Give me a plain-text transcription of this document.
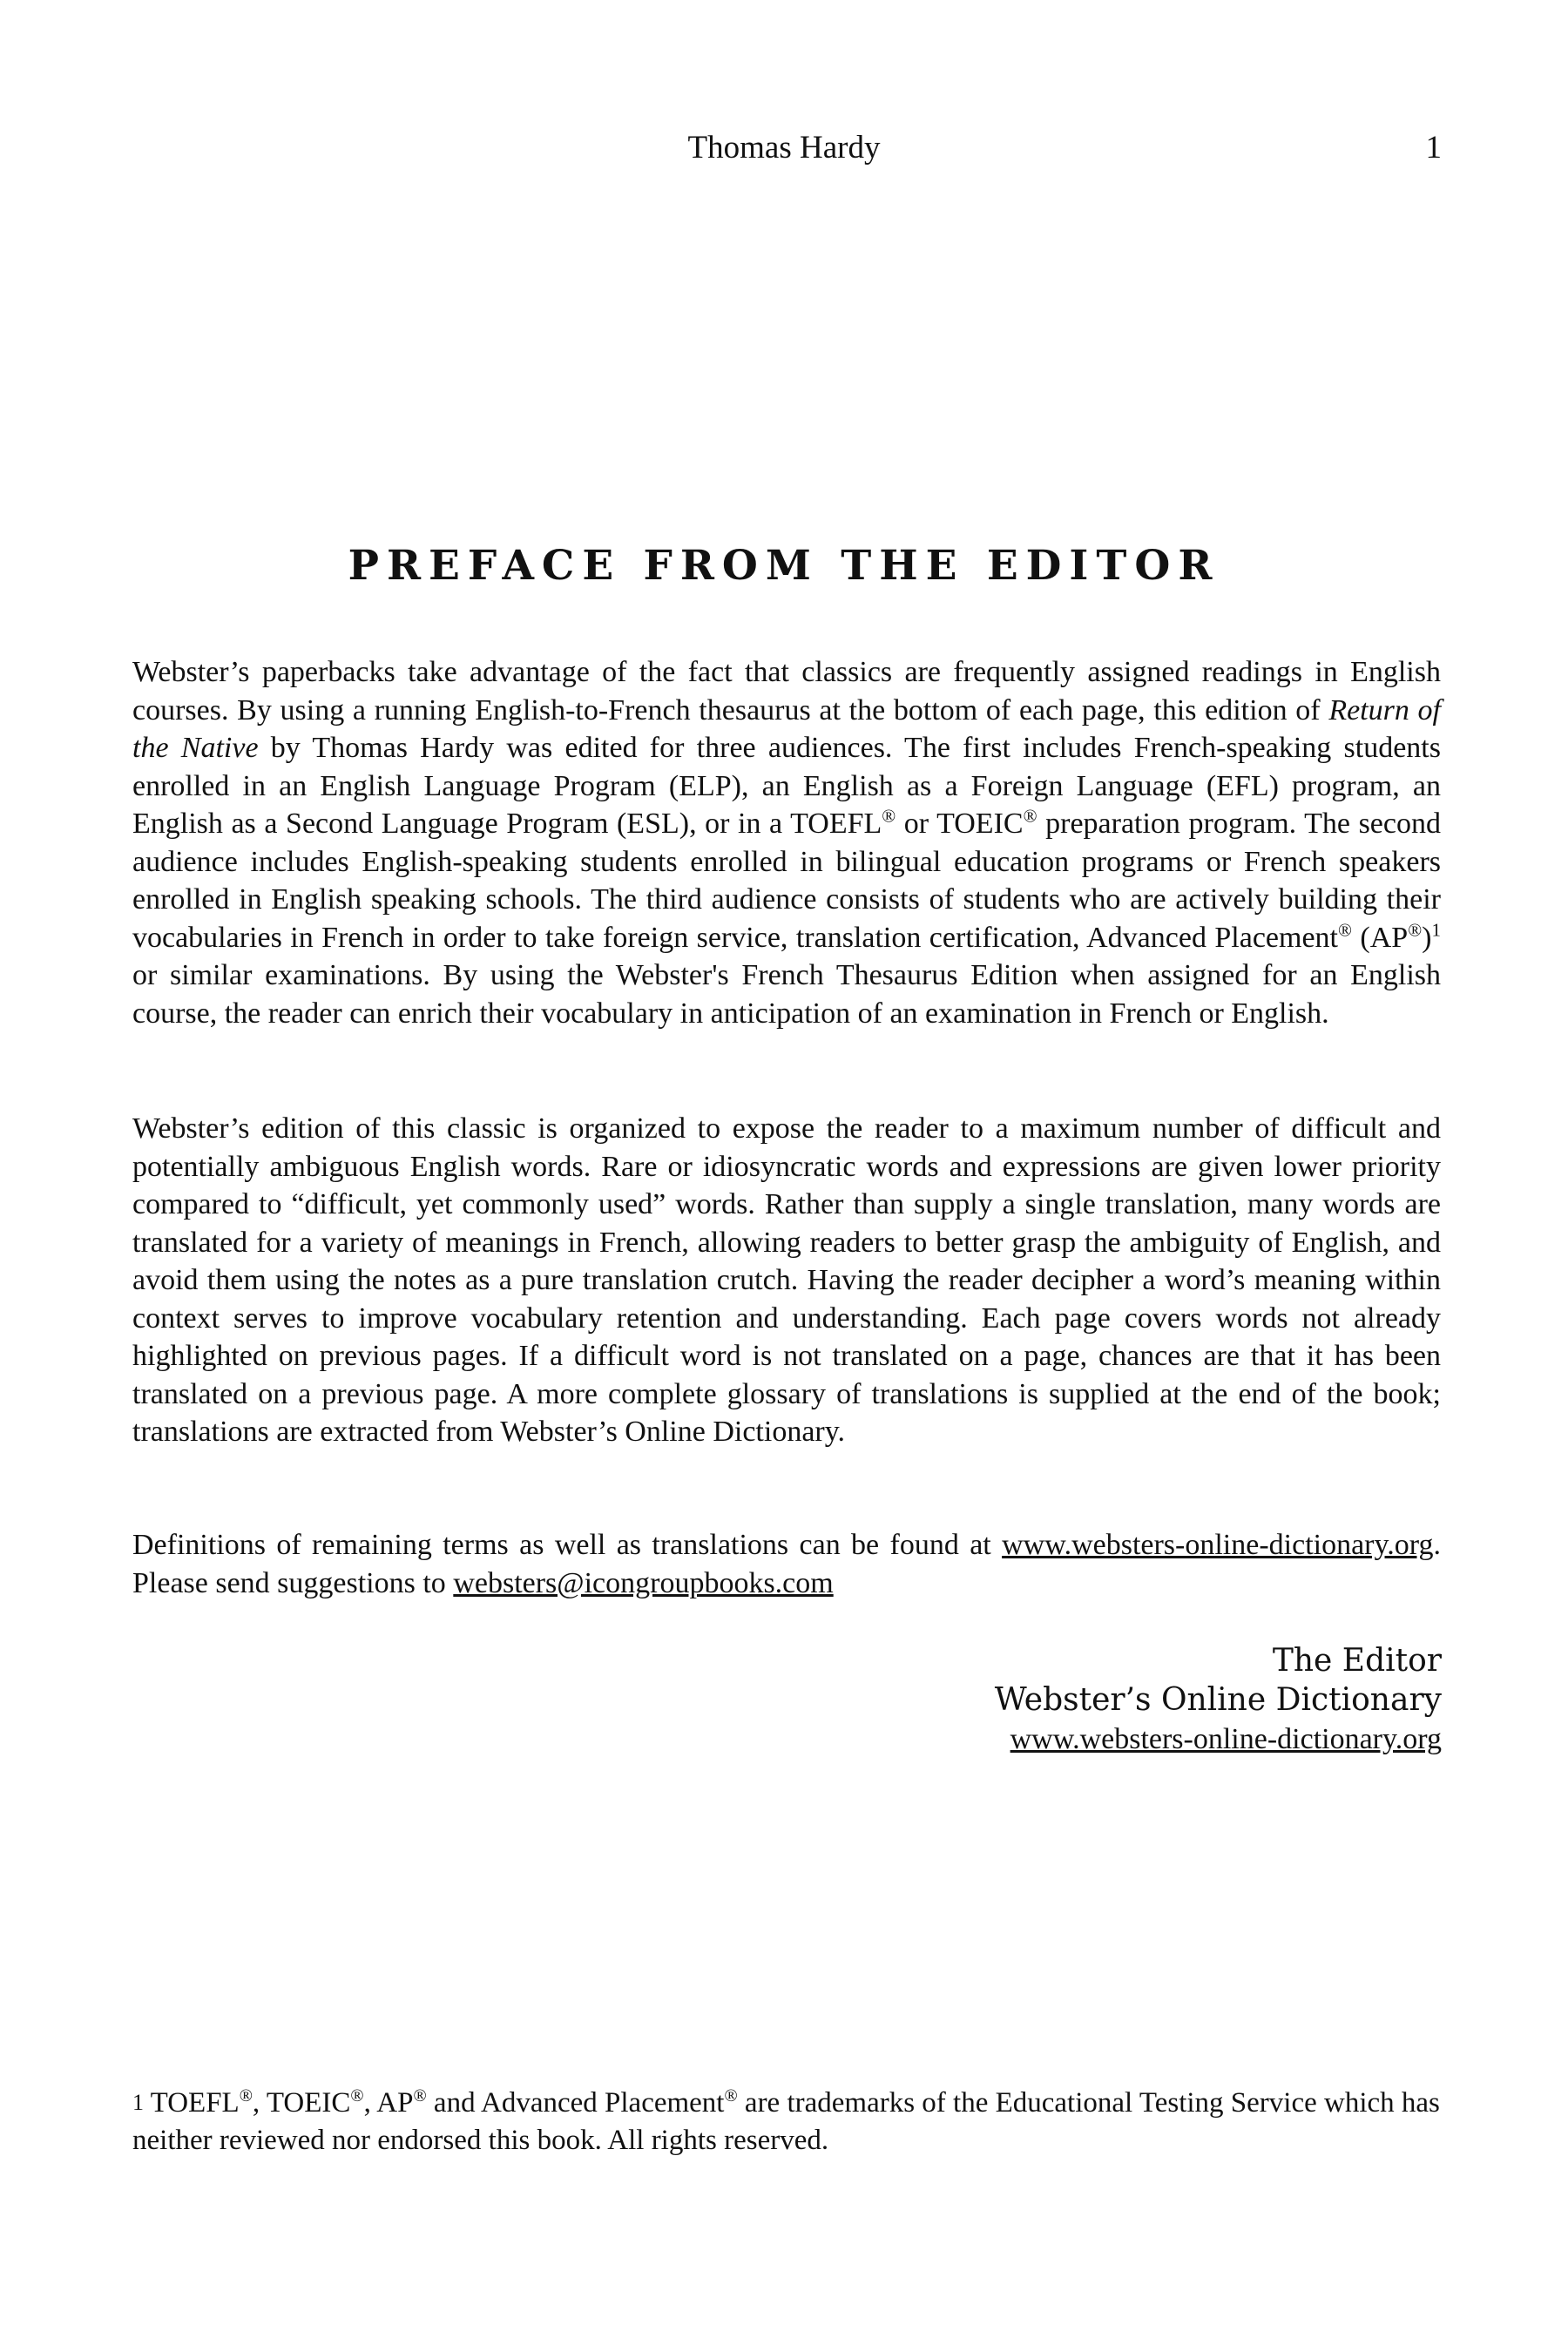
Thomas Hardy	1
PREFACE FROM THE EDITOR

Webster’s paperbacks take advantage of the fact that classics are frequently assigned readings in English courses. By using a running English-to-French thesaurus at the bottom of each page, this edition of Return of the Native by Thomas Hardy was edited for three audiences. The first includes French-speaking students enrolled in an English Language Program (ELP), an English as a Foreign Language (EFL) program, an English as a Second Language Program (ESL), or in a TOEFL® or TOEIC® preparation program. The second audience includes English-speaking students enrolled in bilingual education programs or French speakers enrolled in English speaking schools. The third audience consists of students who are actively building their vocabularies in French in order to take foreign service, translation certification, Advanced Placement® $(AP®)^1$ or similar examinations. By using the Webster's French Thesaurus Edition when assigned for an English course, the reader can enrich their vocabulary in anticipation of an examination in French or English.

Webster’s edition of this classic is organized to expose the reader to a maximum number of difficult and potentially ambiguous English words. Rare or idiosyncratic words and expressions are given lower priority compared to “difficult, yet commonly used” words. Rather than supply a single translation, many words are translated for a variety of meanings in French, allowing readers to better grasp the ambiguity of English, and avoid them using the notes as a pure translation crutch. Having the reader decipher a word’s meaning within context serves to improve vocabulary retention and understanding. Each page covers words not already highlighted on previous pages. If a difficult word is not translated on a page, chances are that it has been translated on a previous page. A more complete glossary of translations is supplied at the end of the book; translations are extracted from Webster’s Online Dictionary.

Definitions of remaining terms as well as translations can be found at www.websters-online-dictionary.org. Please send suggestions to websters@icongroupbooks.com

The Editor
Webster’s Online Dictionary
www.websters-online-dictionary.org

1 TOEFL®, TOEIC®, AP® and Advanced Placement® are trademarks of the Educational Testing Service which has neither reviewed nor endorsed this book. All rights reserved.
